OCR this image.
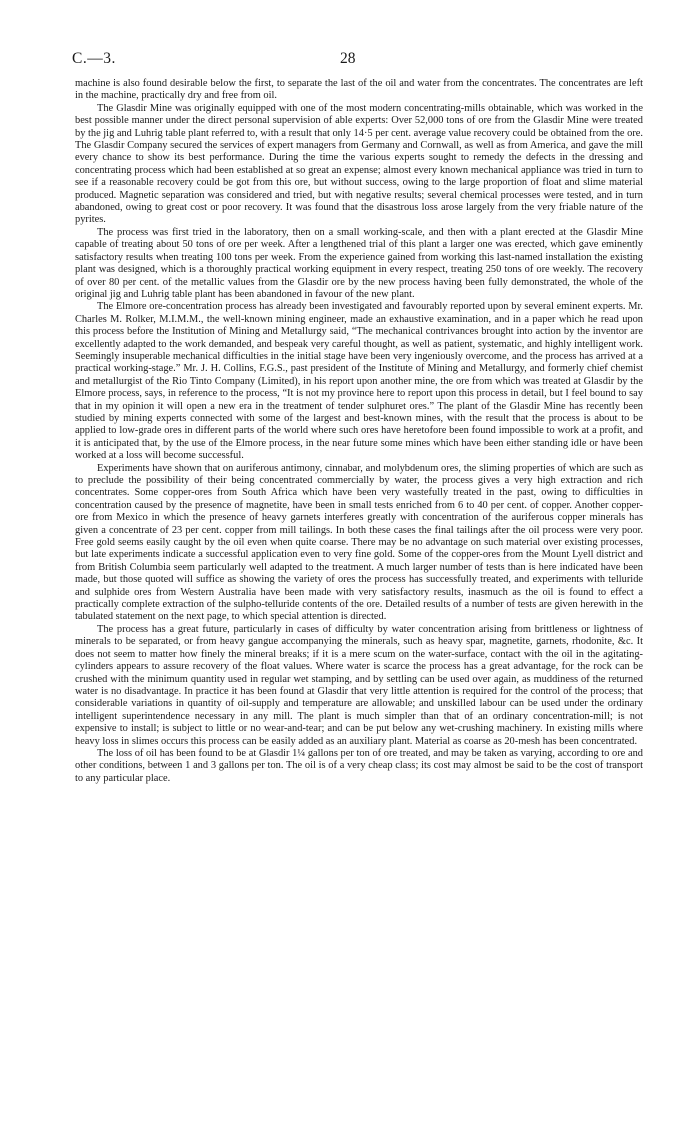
C.—3.	28

machine is also found desirable below the first, to separate the last of the oil and water from the concentrates. The concentrates are left in the machine, practically dry and free from oil.

The Glasdir Mine was originally equipped with one of the most modern concentrating-mills obtainable, which was worked in the best possible manner under the direct personal supervision of able experts: Over 52,000 tons of ore from the Glasdir Mine were treated by the jig and Luhrig table plant referred to, with a result that only 14·5 per cent. average value recovery could be obtained from the ore. The Glasdir Company secured the services of expert managers from Germany and Cornwall, as well as from America, and gave the mill every chance to show its best performance. During the time the various experts sought to remedy the defects in the dressing and concentrating process which had been established at so great an expense; almost every known mechanical appliance was tried in turn to see if a reasonable recovery could be got from this ore, but without success, owing to the large proportion of float and slime material produced. Magnetic separation was considered and tried, but with negative results; several chemical processes were tested, and in turn abandoned, owing to great cost or poor recovery. It was found that the disastrous loss arose largely from the very friable nature of the pyrites.

The process was first tried in the laboratory, then on a small working-scale, and then with a plant erected at the Glasdir Mine capable of treating about 50 tons of ore per week. After a lengthened trial of this plant a larger one was erected, which gave eminently satisfactory results when treating 100 tons per week. From the experience gained from working this last-named installation the existing plant was designed, which is a thoroughly practical working equipment in every respect, treating 250 tons of ore weekly. The recovery of over 80 per cent. of the metallic values from the Glasdir ore by the new process having been fully demonstrated, the whole of the original jig and Luhrig table plant has been abandoned in favour of the new plant.

The Elmore ore-concentration process has already been investigated and favourably reported upon by several eminent experts. Mr. Charles M. Rolker, M.I.M.M., the well-known mining engineer, made an exhaustive examination, and in a paper which he read upon this process before the Institution of Mining and Metallurgy said, “The mechanical contrivances brought into action by the inventor are excellently adapted to the work demanded, and bespeak very careful thought, as well as patient, systematic, and highly intelligent work. Seemingly insuperable mechanical difficulties in the initial stage have been very ingeniously overcome, and the process has arrived at a practical working-stage.” Mr. J. H. Collins, F.G.S., past president of the Institute of Mining and Metallurgy, and formerly chief chemist and metallurgist of the Rio Tinto Company (Limited), in his report upon another mine, the ore from which was treated at Glasdir by the Elmore process, says, in reference to the process, “It is not my province here to report upon this process in detail, but I feel bound to say that in my opinion it will open a new era in the treatment of tender sulphuret ores.” The plant of the Glasdir Mine has recently been studied by mining experts connected with some of the largest and best-known mines, with the result that the process is about to be applied to low-grade ores in different parts of the world where such ores have heretofore been found impossible to work at a profit, and it is anticipated that, by the use of the Elmore process, in the near future some mines which have been either standing idle or have been worked at a loss will become successful.

Experiments have shown that on auriferous antimony, cinnabar, and molybdenum ores, the sliming properties of which are such as to preclude the possibility of their being concentrated commercially by water, the process gives a very high extraction and rich concentrates. Some copper-ores from South Africa which have been very wastefully treated in the past, owing to difficulties in concentration caused by the presence of magnetite, have been in small tests enriched from 6 to 40 per cent. of copper. Another copper-ore from Mexico in which the presence of heavy garnets interferes greatly with concentration of the auriferous copper minerals has given a concentrate of 23 per cent. copper from mill tailings. In both these cases the final tailings after the oil process were very poor. Free gold seems easily caught by the oil even when quite coarse. There may be no advantage on such material over existing processes, but late experiments indicate a successful application even to very fine gold. Some of the copper-ores from the Mount Lyell district and from British Columbia seem particularly well adapted to the treatment. A much larger number of tests than is here indicated have been made, but those quoted will suffice as showing the variety of ores the process has successfully treated, and experiments with telluride and sulphide ores from Western Australia have been made with very satisfactory results, inasmuch as the oil is found to effect a practically complete extraction of the sulpho-telluride contents of the ore. Detailed results of a number of tests are given herewith in the tabulated statement on the next page, to which special attention is directed.

The process has a great future, particularly in cases of difficulty by water concentration arising from brittleness or lightness of minerals to be separated, or from heavy gangue accompanying the minerals, such as heavy spar, magnetite, garnets, rhodonite, &c. It does not seem to matter how finely the mineral breaks; if it is a mere scum on the water-surface, contact with the oil in the agitating-cylinders appears to assure recovery of the float values. Where water is scarce the process has a great advantage, for the rock can be crushed with the minimum quantity used in regular wet stamping, and by settling can be used over again, as muddiness of the returned water is no disadvantage. In practice it has been found at Glasdir that very little attention is required for the control of the process; that considerable variations in quantity of oil-supply and temperature are allowable; and unskilled labour can be used under the ordinary intelligent superintendence necessary in any mill. The plant is much simpler than that of an ordinary concentration-mill; is not expensive to install; is subject to little or no wear-and-tear; and can be put below any wet-crushing machinery. In existing mills where heavy loss in slimes occurs this process can be easily added as an auxiliary plant. Material as coarse as 20-mesh has been concentrated.

The loss of oil has been found to be at Glasdir 1¼ gallons per ton of ore treated, and may be taken as varying, according to ore and other conditions, between 1 and 3 gallons per ton. The oil is of a very cheap class; its cost may almost be said to be the cost of transport to any particular place.
